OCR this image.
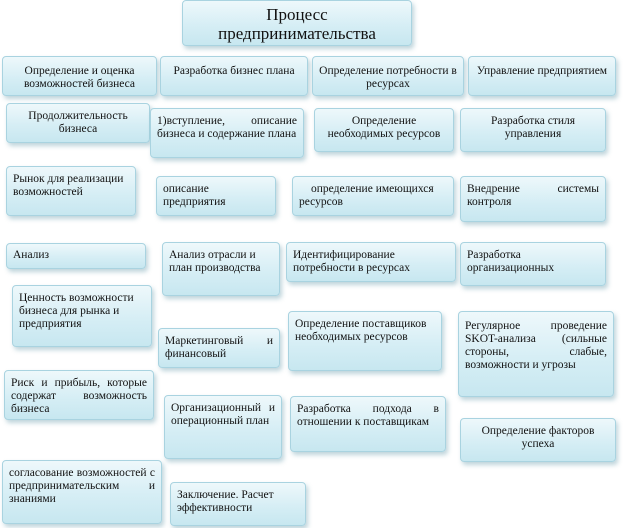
Процесс
предпринимательства
Определение и оценка возможностей бизнеса
Разработка бизнес плана	Определение потребности в ресурсах
Управление предприятием
Продолжительность бизнеса
Рынок для реализации возможностей
Анализ
Ценность возможности бизнеса для рынка и предприятия
Риск и прибыль, которые содержат возможность бизнеса
согласование возможностей с предпринимательским и знаниями
1)вступление, описание бизнеса и содержание плана
описание предприятия
Анализ отрасли и план производства
Маркетинговый и финансовый
Организационный и операционный план
Заключение. Расчет эффективности
Определение необходимых ресурсов
определение имеющихся ресурсов
Идентифицирование потребности в ресурсах
Определение поставщиков необходимых ресурсов
Разработка подхода в отношении к поставщикам
Разработка стиля управления
Внедрение системы контроля
Разработка организационных
Регулярное проведение SKOT-анализа (сильные стороны, слабые, возможности и угрозы
Определение факторов успеха
